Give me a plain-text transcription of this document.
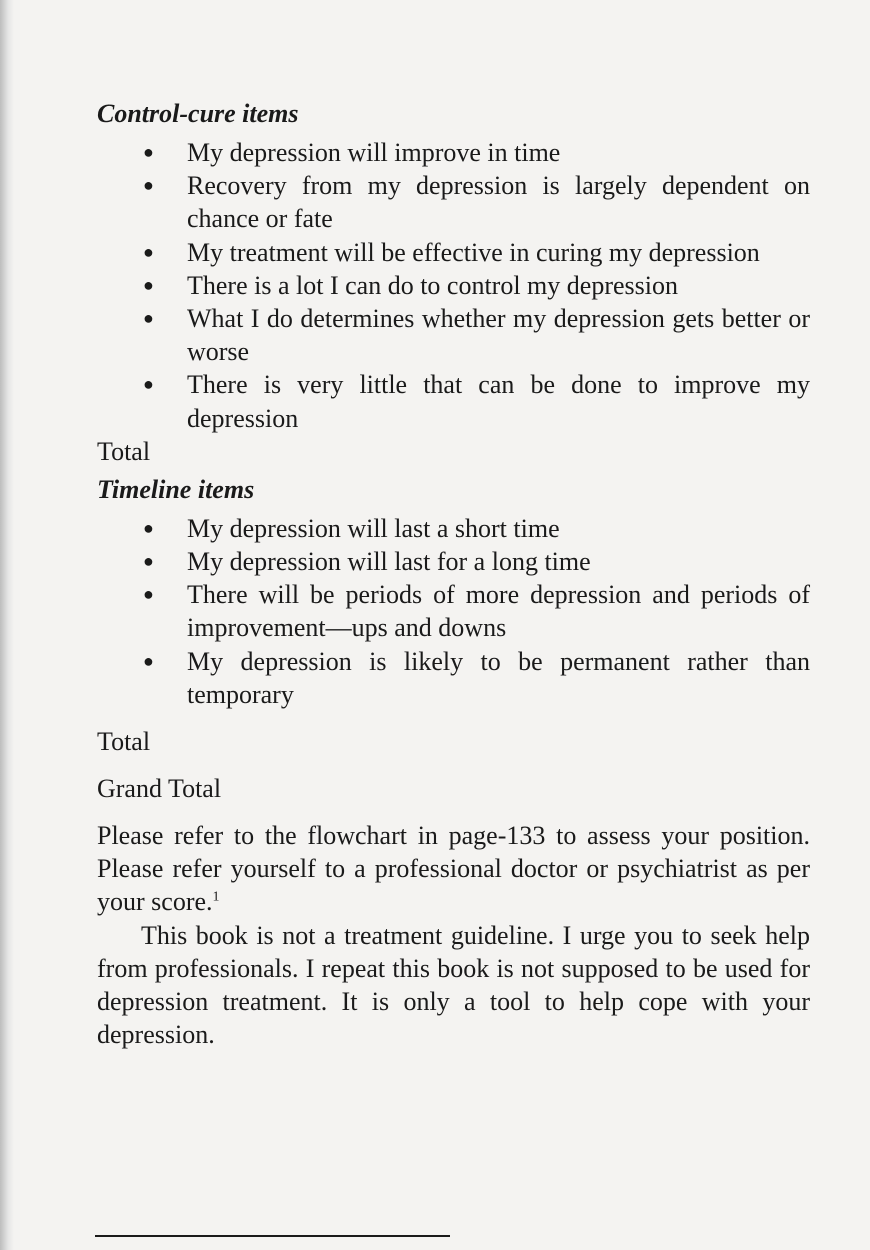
Control-cure items

● My depression will improve in time
● Recovery from my depression is largely dependent on chance or fate
● My treatment will be effective in curing my depression
● There is a lot I can do to control my depression
● What I do determines whether my depression gets better or worse
● There is very little that can be done to improve my depression

Total

Timeline items

● My depression will last a short time
● My depression will last for a long time
● There will be periods of more depression and periods of improvement—ups and downs
● My depression is likely to be permanent rather than temporary

Total

Grand Total

Please refer to the flowchart in page-133 to assess your position. Please refer yourself to a professional doctor or psychiatrist as per your score.$^1$

This book is not a treatment guideline. I urge you to seek help from professionals. I repeat this book is not supposed to be used for depression treatment. It is only a tool to help cope with your depression.
